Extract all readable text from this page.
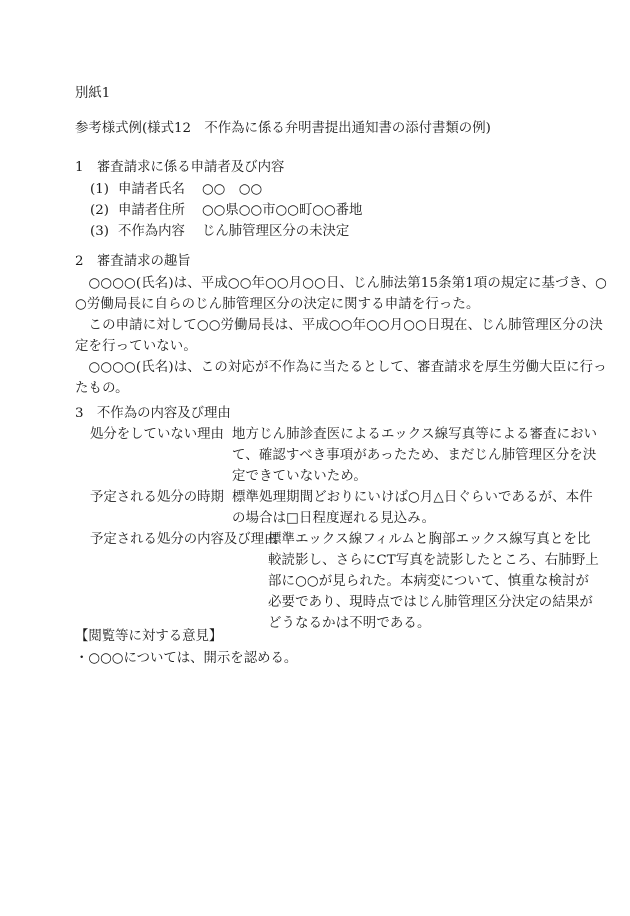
別紙1
参考様式例(様式12　不作為に係る弁明書提出通知書の添付書類の例)
1　審査請求に係る申請者及び内容
(1) 申請者氏名 ○○　○○
(2) 申請者住所 ○○県○○市○○町○○番地
(3) 不作為内容 じん肺管理区分の未決定
2　審査請求の趣旨
　○○○○(氏名)は、平成○○年○○月○○日、じん肺法第15条第1項の規定に基づき、○
○労働局長に自らのじん肺管理区分の決定に関する申請を行った。
　この申請に対して○○労働局長は、平成○○年○○月○○日現在、じん肺管理区分の決
定を行っていない。
　○○○○(氏名)は、この対応が不作為に当たるとして、審査請求を厚生労働大臣に行っ
たもの。
3　不作為の内容及び理由
処分をしていない理由 地方じん肺診査医によるエックス線写真等による審査におい
て、確認すべき事項があったため、まだじん肺管理区分を決
定できていないため。
予定される処分の時期 標準処理期間どおりにいけば○月△日ぐらいであるが、本件
の場合は□日程度遅れる見込み。
予定される処分の内容及び理由
標準エックス線フィルムと胸部エックス線写真とを比
較読影し、さらにCT写真を読影したところ、右肺野上
部に○○が見られた。本病変について、慎重な検討が
必要であり、現時点ではじん肺管理区分決定の結果が
どうなるかは不明である。
【閲覧等に対する意見】
・○○○については、開示を認める。
